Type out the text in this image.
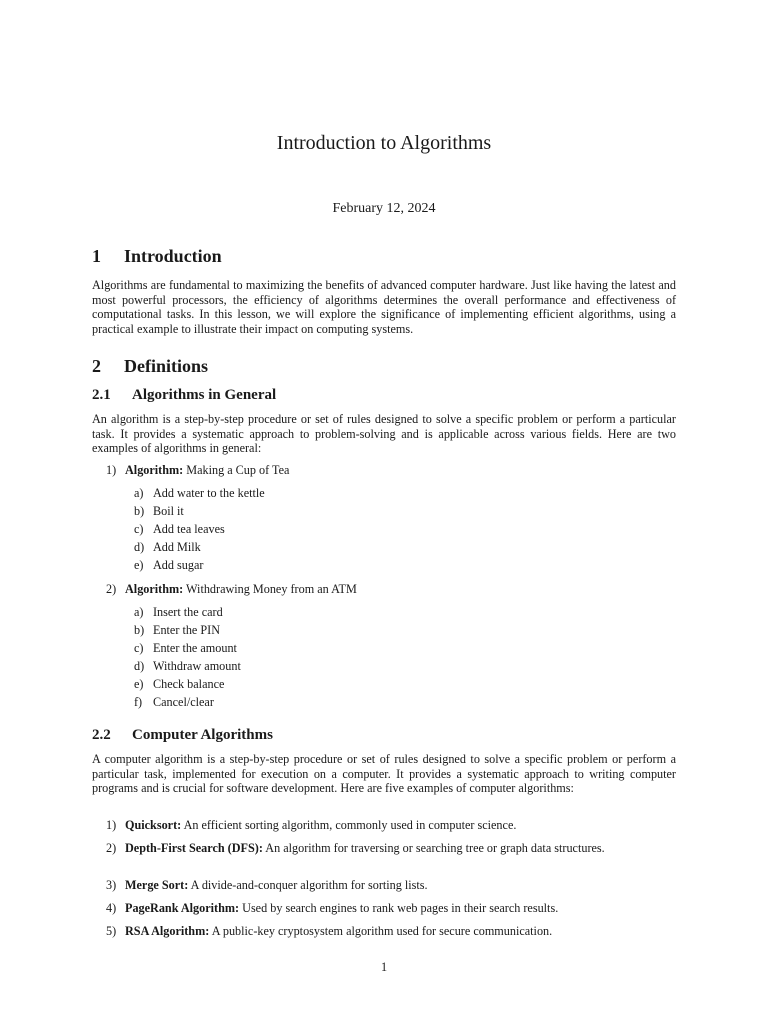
Introduction to Algorithms
February 12, 2024
1 Introduction
Algorithms are fundamental to maximizing the benefits of advanced computer hardware. Just like having the latest and most powerful processors, the efficiency of algorithms determines the overall performance and effectiveness of computational tasks. In this lesson, we will explore the significance of implementing efficient algorithms, using a practical example to illustrate their impact on computing systems.
2 Definitions
2.1 Algorithms in General
An algorithm is a step-by-step procedure or set of rules designed to solve a specific problem or perform a particular task. It provides a systematic approach to problem-solving and is applicable across various fields. Here are two examples of algorithms in general:
1) Algorithm: Making a Cup of Tea
a) Add water to the kettle
b) Boil it
c) Add tea leaves
d) Add Milk
e) Add sugar
2) Algorithm: Withdrawing Money from an ATM
a) Insert the card
b) Enter the PIN
c) Enter the amount
d) Withdraw amount
e) Check balance
f) Cancel/clear
2.2 Computer Algorithms
A computer algorithm is a step-by-step procedure or set of rules designed to solve a specific problem or perform a particular task, implemented for execution on a computer. It provides a systematic approach to writing computer programs and is crucial for software development. Here are five examples of computer algorithms:
1) Quicksort: An efficient sorting algorithm, commonly used in computer science.
2) Depth-First Search (DFS): An algorithm for traversing or searching tree or graph data structures.
3) Merge Sort: A divide-and-conquer algorithm for sorting lists.
4) PageRank Algorithm: Used by search engines to rank web pages in their search results.
5) RSA Algorithm: A public-key cryptosystem algorithm used for secure communication.
1
